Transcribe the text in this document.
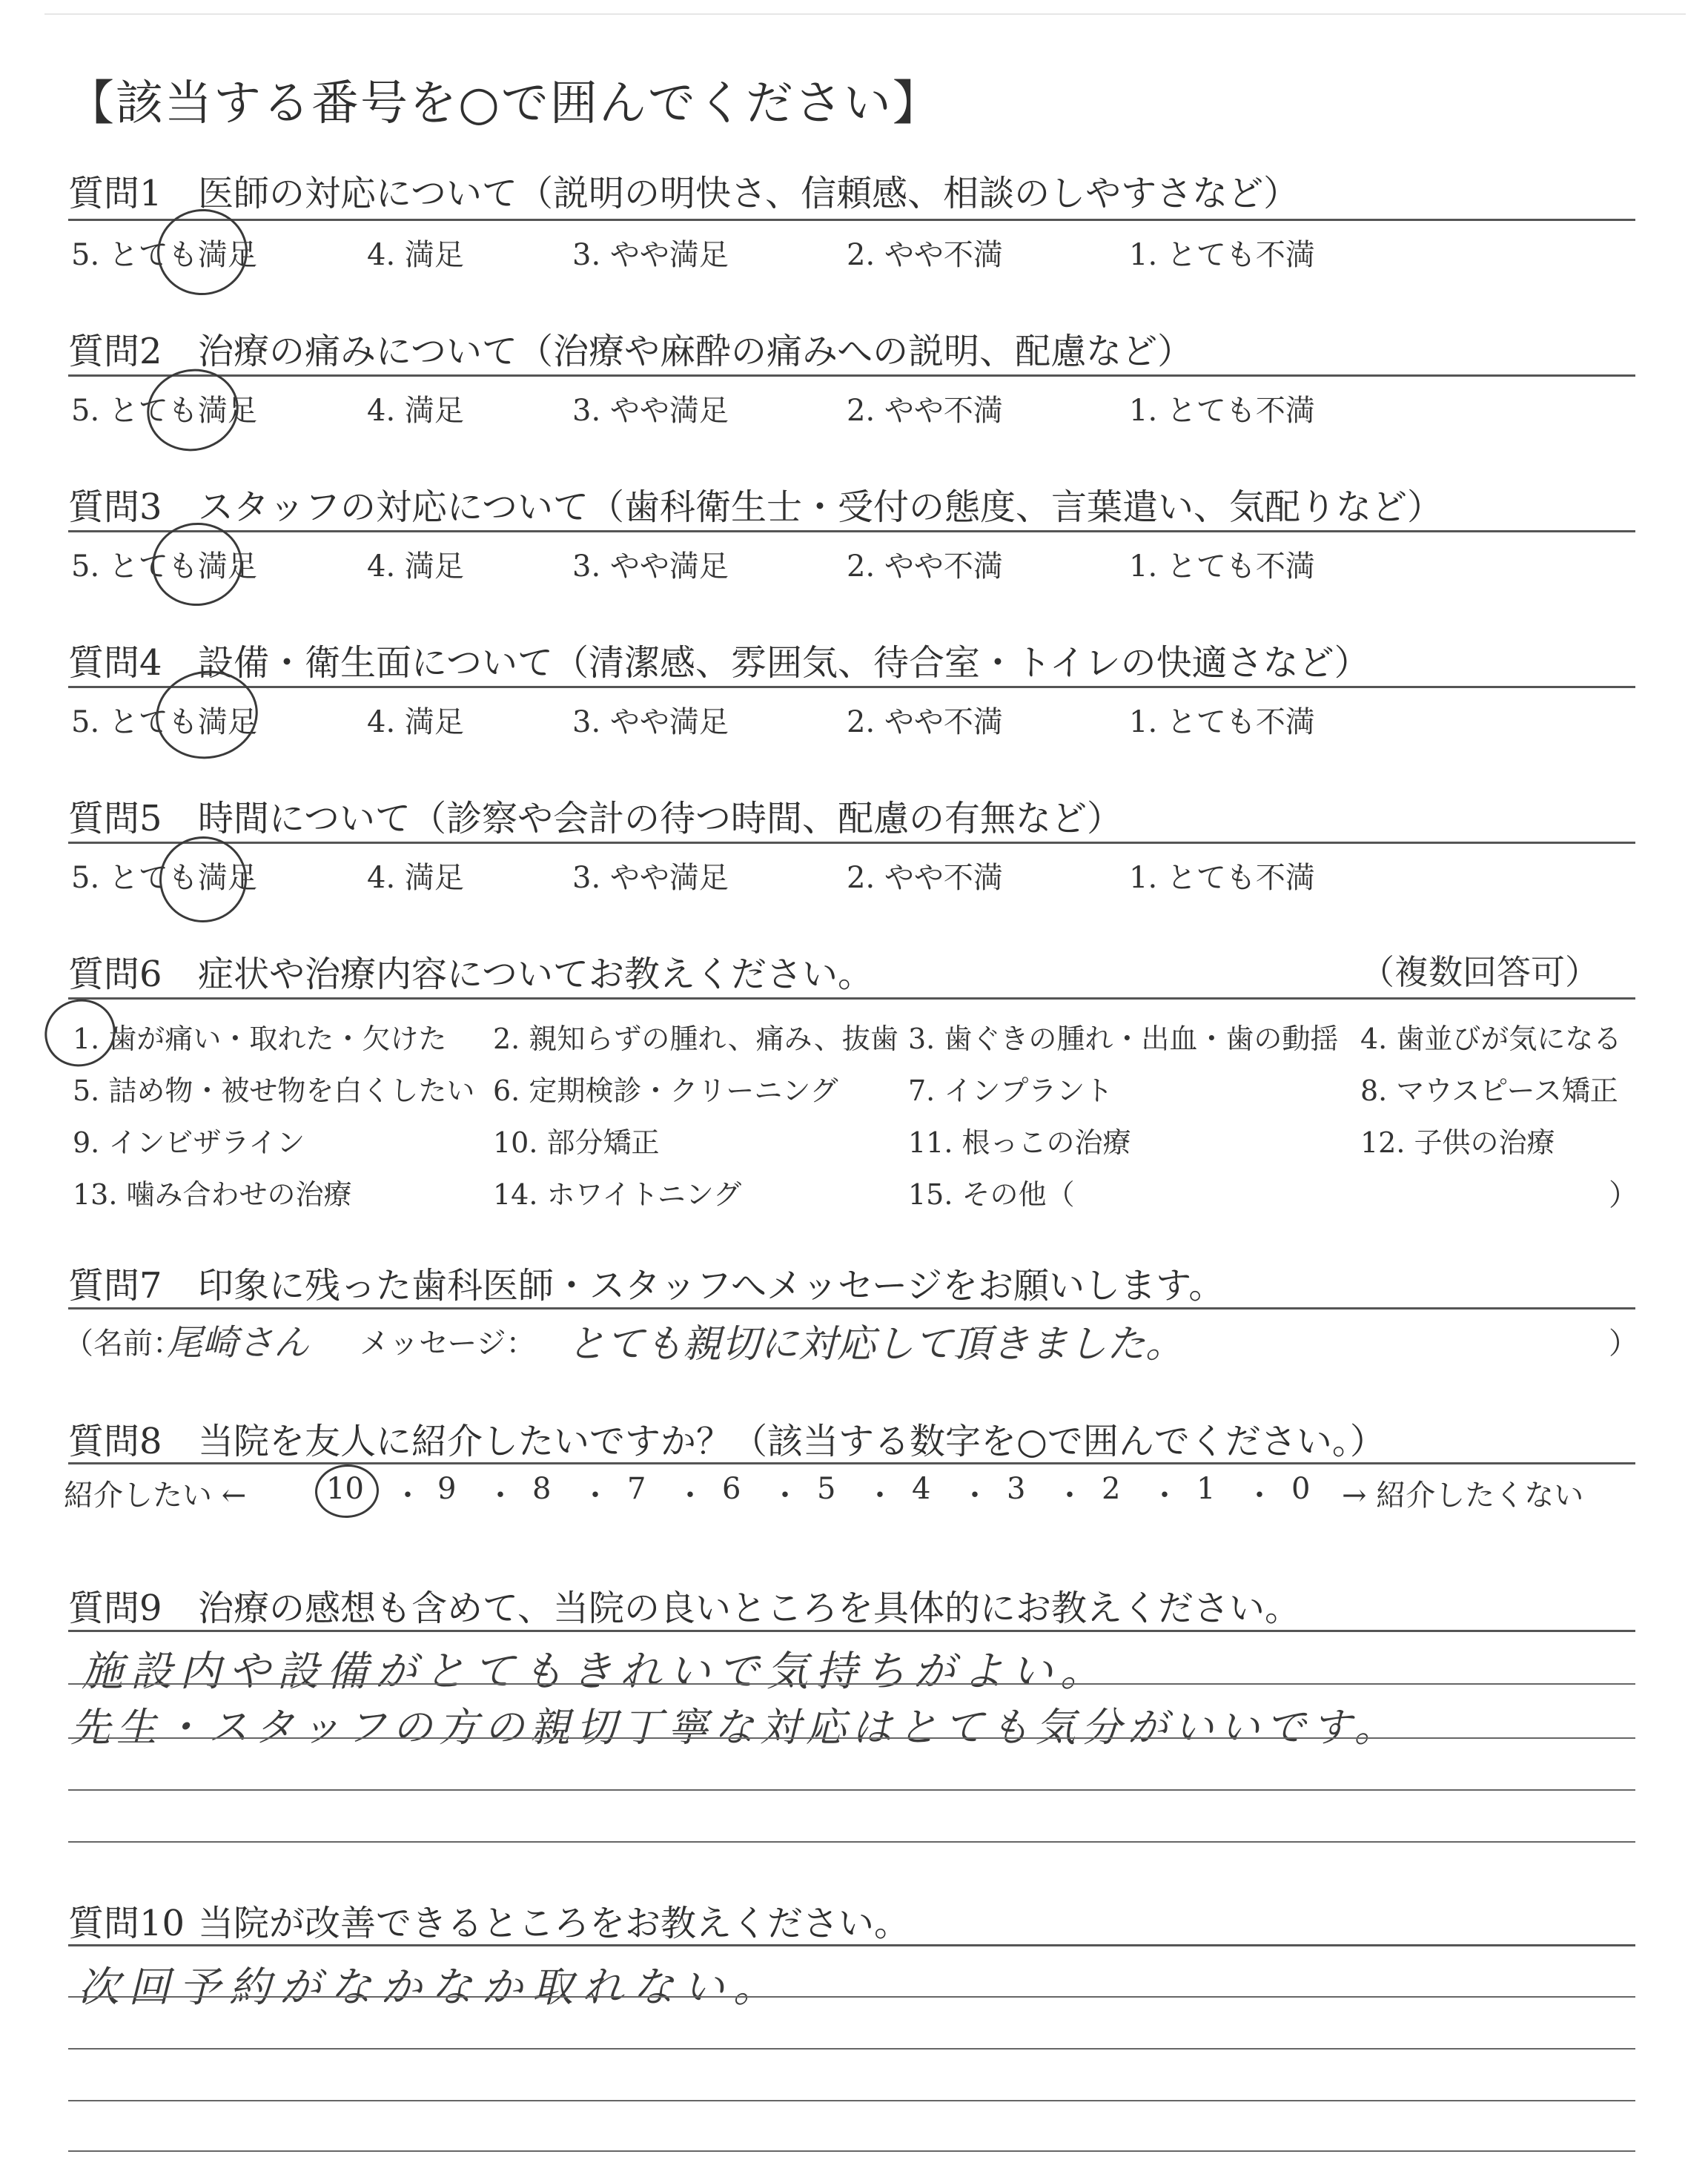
【該当する番号を○で囲んでください】
質問1 医師の対応について（説明の明快さ、信頼感、相談のしやすさなど）
5. とても満足	4. 満足	3. やや満足	2. やや不満	1. とても不満
質問2 治療の痛みについて（治療や麻酔の痛みへの説明、配慮など）
5. とても満足	4. 満足	3. やや満足	2. やや不満	1. とても不満
質問3 スタッフの対応について（歯科衛生士・受付の態度、言葉遣い、気配りなど）
5. とても満足	4. 満足	3. やや満足	2. やや不満	1. とても不満
質問4 設備・衛生面について（清潔感、雰囲気、待合室・トイレの快適さなど）
5. とても満足	4. 満足	3. やや満足	2. やや不満	1. とても不満
質問5 時間について（診察や会計の待つ時間、配慮の有無など）
5. とても満足	4. 満足	3. やや満足	2. やや不満	1. とても不満
質問6 症状や治療内容についてお教えください。	（複数回答可）
1. 歯が痛い・取れた・欠けた 2. 親知らずの腫れ、痛み、抜歯 3. 歯ぐきの腫れ・出血・歯の動揺 4. 歯並びが気になる
5. 詰め物・被せ物を白くしたい 6. 定期検診・クリーニング 7. インプラント	8. マウスピース矯正
9. インビザライン	10. 部分矯正	11. 根っこの治療	12. 子供の治療
13. 噛み合わせの治療	14. ホワイトニング	15. その他（	）
質問7 印象に残った歯科医師・スタッフへメッセージをお願いします。
（名前：
尾崎さん メッセージ： とても親切に対応して頂きました。	）
質問8 当院を友人に紹介したいですか？（該当する数字を○で囲んでください。）
紹介したい ←	10 ・ 9 ・ 8 ・ 7 ・ 6 ・ 5 ・ 4 ・ 3 ・ 2 ・ 1 ・ 0 → 紹介したくない
質問9 治療の感想も含めて、当院の良いところを具体的にお教えください。
施設内や設備がとてもきれいで気持ちがよい。
先生・スタッフの方の親切丁寧な対応はとても気分がいいです。
質問10 当院が改善できるところをお教えください。
次回予約がなかなか取れない。
